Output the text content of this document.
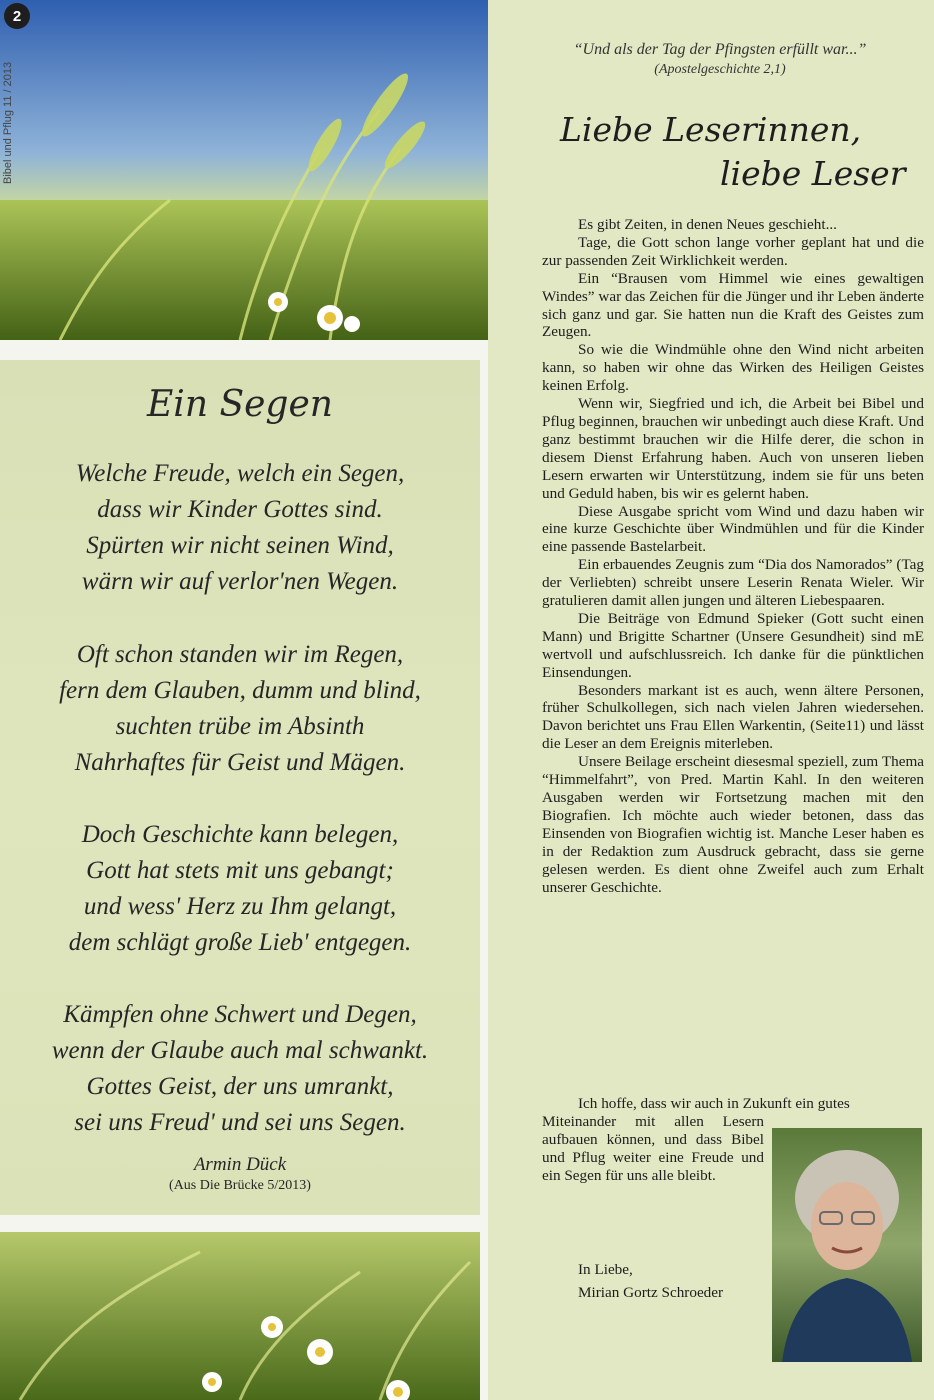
2
Bibel und Pflug 11 / 2013
Ein Segen
Welche Freude, welch ein Segen,
dass wir Kinder Gottes sind.
Spürten wir nicht seinen Wind,
wärn wir auf verlor'nen Wegen.
Oft schon standen wir im Regen,
fern dem Glauben, dumm und blind,
suchten trübe im Absinth
Nahrhaftes für Geist und Mägen.
Doch Geschichte kann belegen,
Gott hat stets mit uns gebangt;
und wess' Herz zu Ihm gelangt,
dem schlägt große Lieb' entgegen.
Kämpfen ohne Schwert und Degen,
wenn der Glaube auch mal schwankt.
Gottes Geist, der uns umrankt,
sei uns Freud' und sei uns Segen.
Armin Dück
(Aus Die Brücke 5/2013)
“Und als der Tag der Pfingsten erfüllt war...”
(Apostelgeschichte 2,1)
Liebe Leserinnen,
liebe Leser

Es gibt Zeiten, in denen Neues geschieht...

Tage, die Gott schon lange vorher geplant hat und die zur passenden Zeit Wirklichkeit werden.

Ein “Brausen vom Himmel wie eines gewaltigen Windes” war das Zeichen für die Jünger und ihr Leben änderte sich ganz und gar. Sie hatten nun die Kraft des Geistes zum Zeugen.

So wie die Windmühle ohne den Wind nicht arbeiten kann, so haben wir ohne das Wirken des Heiligen Geistes keinen Erfolg.

Wenn wir, Siegfried und ich, die Arbeit bei Bibel und Pflug beginnen, brauchen wir unbedingt auch diese Kraft. Und ganz bestimmt brauchen wir die Hilfe derer, die schon in diesem Dienst Erfahrung haben. Auch von unseren lieben Lesern erwarten wir Unterstützung, indem sie für uns beten und Geduld haben, bis wir es gelernt haben.

Diese Ausgabe spricht vom Wind und dazu haben wir eine kurze Geschichte über Windmühlen und für die Kinder eine passende Bastelarbeit.

Ein erbauendes Zeugnis zum “Dia dos Namorados” (Tag der Verliebten) schreibt unsere Leserin Renata Wieler. Wir gratulieren damit allen jungen und älteren Liebespaaren.

Die Beiträge von Edmund Spieker (Gott sucht einen Mann) und Brigitte Schartner (Unsere Gesundheit) sind mE wertvoll und aufschlussreich. Ich danke für die pünktlichen Einsendungen.

Besonders markant ist es auch, wenn ältere Personen, früher Schulkollegen, sich nach vielen Jahren wiedersehen. Davon berichtet uns Frau Ellen Warkentin, (Seite11) und lässt die Leser an dem Ereignis miterleben.

Unsere Beilage erscheint diesesmal speziell, zum Thema “Himmelfahrt”, von Pred. Martin Kahl. In den weiteren Ausgaben werden wir Fortsetzung machen mit den Biografien. Ich möchte auch wieder betonen, dass das Einsenden von Biografien wichtig ist. Manche Leser haben es in der Redaktion zum Ausdruck gebracht, dass sie gerne gelesen werden. Es dient ohne Zweifel auch zum Erhalt unserer Geschichte.

Ich hoffe, dass wir auch in Zukunft ein gutes

Miteinander mit allen Lesern aufbauen können, und dass Bibel und Pflug weiter eine Freude und ein Segen für uns alle bleibt.

In Liebe,
Mirian Gortz Schroeder
